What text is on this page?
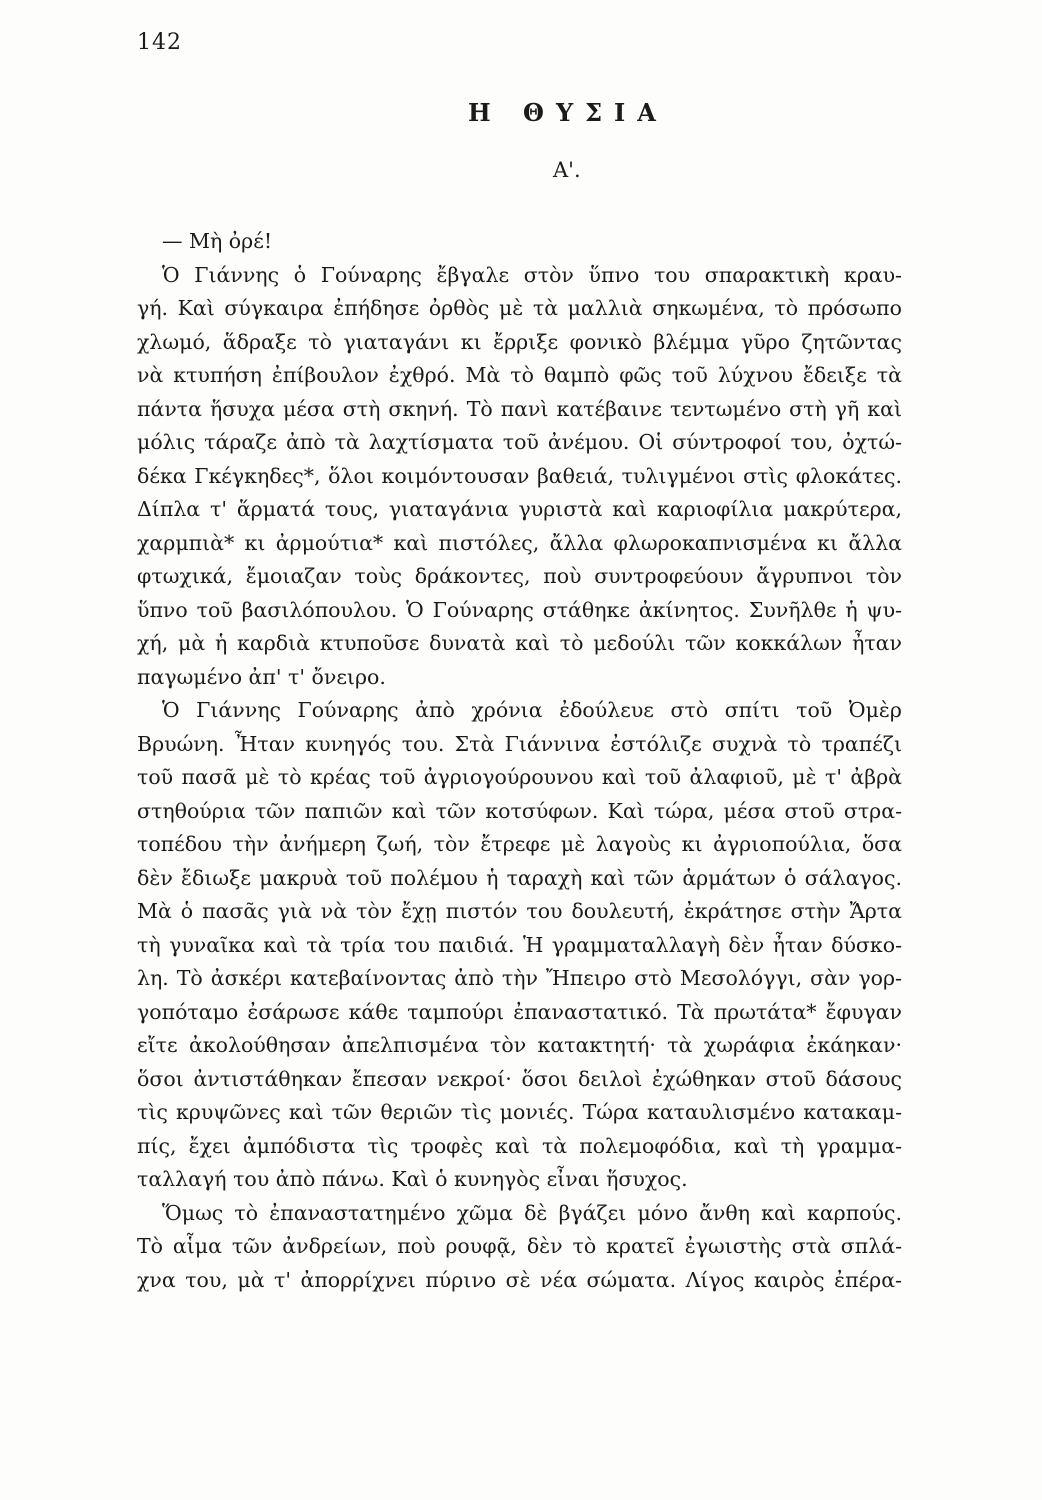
142
Η ΘΥΣΙΑ
Α'.
— Μὴ ὀρέ!
Ὁ Γιάννης ὁ Γούναρης ἔβγαλε στὸν ὕπνο του σπαρακτικὴ κραυ-
γή. Καὶ σύγκαιρα ἐπήδησε ὀρθὸς μὲ τὰ μαλλιὰ σηκωμένα, τὸ πρόσωπο
χλωμό, ἅδραξε τὸ γιαταγάνι κι ἔρριξε φονικὸ βλέμμα γῦρο ζητῶντας
νὰ κτυπήση ἐπίβουλον ἐχθρό. Μὰ τὸ θαμπὸ φῶς τοῦ λύχνου ἔδειξε τὰ
πάντα ἥσυχα μέσα στὴ σκηνή. Τὸ πανὶ κατέβαινε τεντωμένο στὴ γῆ καὶ
μόλις τάραζε ἀπὸ τὰ λαχτίσματα τοῦ ἀνέμου. Οἱ σύντροφοί του, ὀχτώ-
δέκα Γκέγκηδες*, ὅλοι κοιμόντουσαν βαθειά, τυλιγμένοι στὶς φλοκάτες.
Δίπλα τ' ἅρματά τους, γιαταγάνια γυριστὰ καὶ καριοφίλια μακρύτερα,
χαρμπιὰ* κι ἀρμούτια* καὶ πιστόλες, ἄλλα φλωροκαπνισμένα κι ἄλλα
φτωχικά, ἔμοιαζαν τοὺς δράκοντες, ποὺ συντροφεύουν ἄγρυπνοι τὸν
ὕπνο τοῦ βασιλόπουλου. Ὁ Γούναρης στάθηκε ἀκίνητος. Συνῆλθε ἡ ψυ-
χή, μὰ ἡ καρδιὰ κτυποῦσε δυνατὰ καὶ τὸ μεδούλι τῶν κοκκάλων ἦταν
παγωμένο ἀπ' τ' ὄνειρο.
Ὁ Γιάννης Γούναρης ἀπὸ χρόνια ἐδούλευε στὸ σπίτι τοῦ Ὀμὲρ
Βρυώνη. Ἦταν κυνηγός του. Στὰ Γιάννινα ἐστόλιζε συχνὰ τὸ τραπέζι
τοῦ πασᾶ μὲ τὸ κρέας τοῦ ἀγριογούρουνου καὶ τοῦ ἀλαφιοῦ, μὲ τ' ἀβρὰ
στηθούρια τῶν παπιῶν καὶ τῶν κοτσύφων. Καὶ τώρα, μέσα στοῦ στρα-
τοπέδου τὴν ἀνήμερη ζωή, τὸν ἔτρεφε μὲ λαγοὺς κι ἀγριοπούλια, ὅσα
δὲν ἔδιωξε μακρυὰ τοῦ πολέμου ἡ ταραχὴ καὶ τῶν ἁρμάτων ὁ σάλαγος.
Μὰ ὁ πασᾶς γιὰ νὰ τὸν ἔχῃ πιστόν του δουλευτή, ἐκράτησε στὴν Ἄρτα
τὴ γυναῖκα καὶ τὰ τρία του παιδιά. Ἡ γραμματαλλαγὴ δὲν ἦταν δύσκο-
λη. Τὸ ἀσκέρι κατεβαίνοντας ἀπὸ τὴν Ἤπειρο στὸ Μεσολόγγι, σὰν γορ-
γοπόταμο ἐσάρωσε κάθε ταμπούρι ἐπαναστατικό. Τὰ πρωτάτα* ἔφυγαν
εἴτε ἀκολούθησαν ἀπελπισμένα τὸν κατακτητή· τὰ χωράφια ἐκάηκαν·
ὅσοι ἀντιστάθηκαν ἔπεσαν νεκροί· ὅσοι δειλοὶ ἐχώθηκαν στοῦ δάσους
τὶς κρυψῶνες καὶ τῶν θεριῶν τὶς μονιές. Τώρα καταυλισμένο κατακαμ-
πίς, ἔχει ἀμπόδιστα τὶς τροφὲς καὶ τὰ πολεμοφόδια, καὶ τὴ γραμμα-
ταλλαγή του ἀπὸ πάνω. Καὶ ὁ κυνηγὸς εἶναι ἥσυχος.
Ὅμως τὸ ἐπαναστατημένο χῶμα δὲ βγάζει μόνο ἄνθη καὶ καρπούς.
Τὸ αἷμα τῶν ἀνδρείων, ποὺ ρουφᾷ, δὲν τὸ κρατεῖ ἐγωιστὴς στὰ σπλά-
χνα του, μὰ τ' ἀπορρίχνει πύρινο σὲ νέα σώματα. Λίγος καιρὸς ἐπέρα-
